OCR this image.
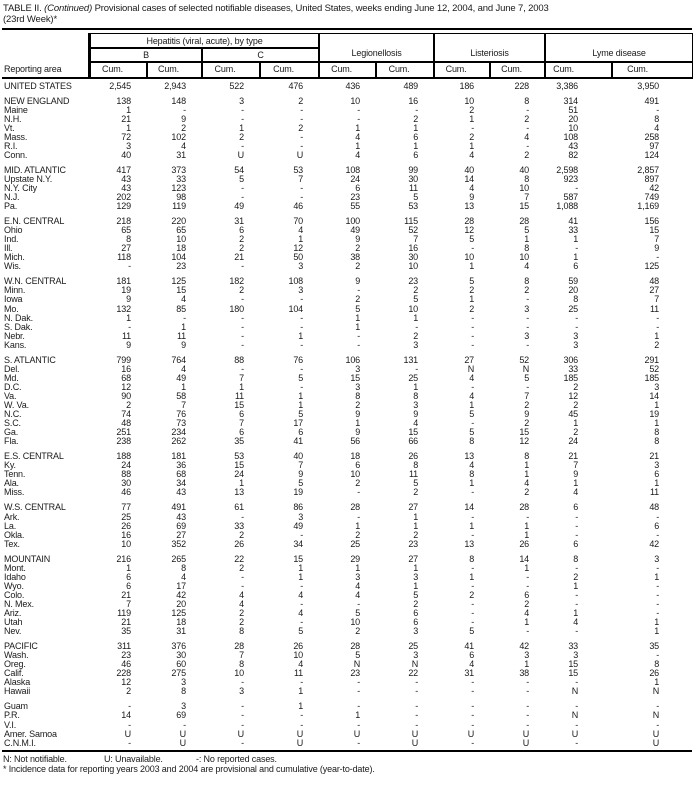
TABLE II. (Continued) Provisional cases of selected notifiable diseases, United States, weeks ending June 12, 2004, and June 7, 2003
(23rd Week)*
Reporting area	Hepatitis (viral, acute), by type				Legionellosis		Listeriosis		Lyme disease	
	B		C							
	Cum.	Cum.	Cum.	Cum.	Cum.	Cum.	Cum.	Cum.	Cum.	Cum.

UNITED STATES	2,545	2,943	522	476	436	489	186	228	3,386	3,950

NEW ENGLAND	138	148	3	2	10	16	10	8	314	491
Maine	1	-	-	-	-	-	2	-	51	-
N.H.	21	9	-	-	-	2	1	2	20	8
Vt.	1	2	1	2	1	1	-	-	10	4
Mass.	72	102	2	-	4	6	2	4	108	258
R.I.	3	4	-	-	1	1	1	-	43	97
Conn.	40	31	U	U	4	6	4	2	82	124

MID. ATLANTIC	417	373	54	53	108	99	40	40	2,598	2,857
Upstate N.Y.	43	33	5	7	24	30	14	8	923	897
N.Y. City	43	123	-	-	6	11	4	10	-	42
N.J.	202	98	-	-	23	5	9	7	587	749
Pa.	129	119	49	46	55	53	13	15	1,088	1,169

E.N. CENTRAL	218	220	31	70	100	115	28	28	41	156
Ohio	65	65	6	4	49	52	12	5	33	15
Ind.	8	10	2	1	9	7	5	1	1	7
Ill.	27	18	2	12	2	16	-	8	-	9
Mich.	118	104	21	50	38	30	10	10	1	-
Wis.	-	23	-	3	2	10	1	4	6	125

W.N. CENTRAL	181	125	182	108	9	23	5	8	59	48
Minn.	19	15	2	3	-	2	2	2	20	27
Iowa	9	4	-	-	2	5	1	-	8	7
Mo.	132	85	180	104	5	10	2	3	25	11
N. Dak.	1	-	-	-	1	1	-	-	-	-
S. Dak.	-	1	-	-	1	-	-	-	-	-
Nebr.	11	11	-	1	-	2	-	3	3	1
Kans.	9	9	-	-	-	3	-	-	3	2

S. ATLANTIC	799	764	88	76	106	131	27	52	306	291
Del.	16	4	-	-	3	-	N	N	33	52
Md.	68	49	7	5	15	25	4	5	185	185
D.C.	12	1	1	-	3	1	-	-	2	3
Va.	90	58	11	1	8	8	4	7	12	14
W. Va.	2	7	15	1	2	3	1	2	2	1
N.C.	74	76	6	5	9	9	5	9	45	19
S.C.	48	73	7	17	1	4	-	2	1	1
Ga.	251	234	6	6	9	15	5	15	2	8
Fla.	238	262	35	41	56	66	8	12	24	8

E.S. CENTRAL	188	181	53	40	18	26	13	8	21	21
Ky.	24	36	15	7	6	8	4	1	7	3
Tenn.	88	68	24	9	10	11	8	1	9	6
Ala.	30	34	1	5	2	5	1	4	1	1
Miss.	46	43	13	19	-	2	-	2	4	11

W.S. CENTRAL	77	491	61	86	28	27	14	28	6	48
Ark.	25	43	-	3	-	1	-	-	-	-
La.	26	69	33	49	1	1	1	1	-	6
Okla.	16	27	2	-	2	2	-	1	-	-
Tex.	10	352	26	34	25	23	13	26	6	42

MOUNTAIN	216	265	22	15	29	27	8	14	8	3
Mont.	1	8	2	1	1	1	-	1	-	-
Idaho	6	4	-	1	3	3	1	-	2	1
Wyo.	6	17	-	-	4	1	-	-	1	-
Colo.	21	42	4	4	4	5	2	6	-	-
N. Mex.	7	20	4	-	-	2	-	2	-	-
Ariz.	119	125	2	4	5	6	-	4	1	-
Utah	21	18	2	-	10	6	-	1	4	1
Nev.	35	31	8	5	2	3	5	-	-	1

PACIFIC	311	376	28	26	28	25	41	42	33	35
Wash.	23	30	7	10	5	3	6	3	3	-
Oreg.	46	60	8	4	N	N	4	1	15	8
Calif.	228	275	10	11	23	22	31	38	15	26
Alaska	12	3	-	-	-	-	-	-	-	1
Hawaii	2	8	3	1	-	-	-	-	N	N

Guam	-	3	-	1	-	-	-	-	-	-
P.R.	14	69	-	-	1	-	-	-	N	N
V.I.	-	-	-	-	-	-	-	-	-	-
Amer. Samoa	U	U	U	U	U	U	U	U	U	U
C.N.M.I.	-	U	-	U	-	U	-	U	-	U
N: Not notifiable.	U: Unavailable.	-: No reported cases.
* Incidence data for reporting years 2003 and 2004 are provisional and cumulative (year-to-date).
